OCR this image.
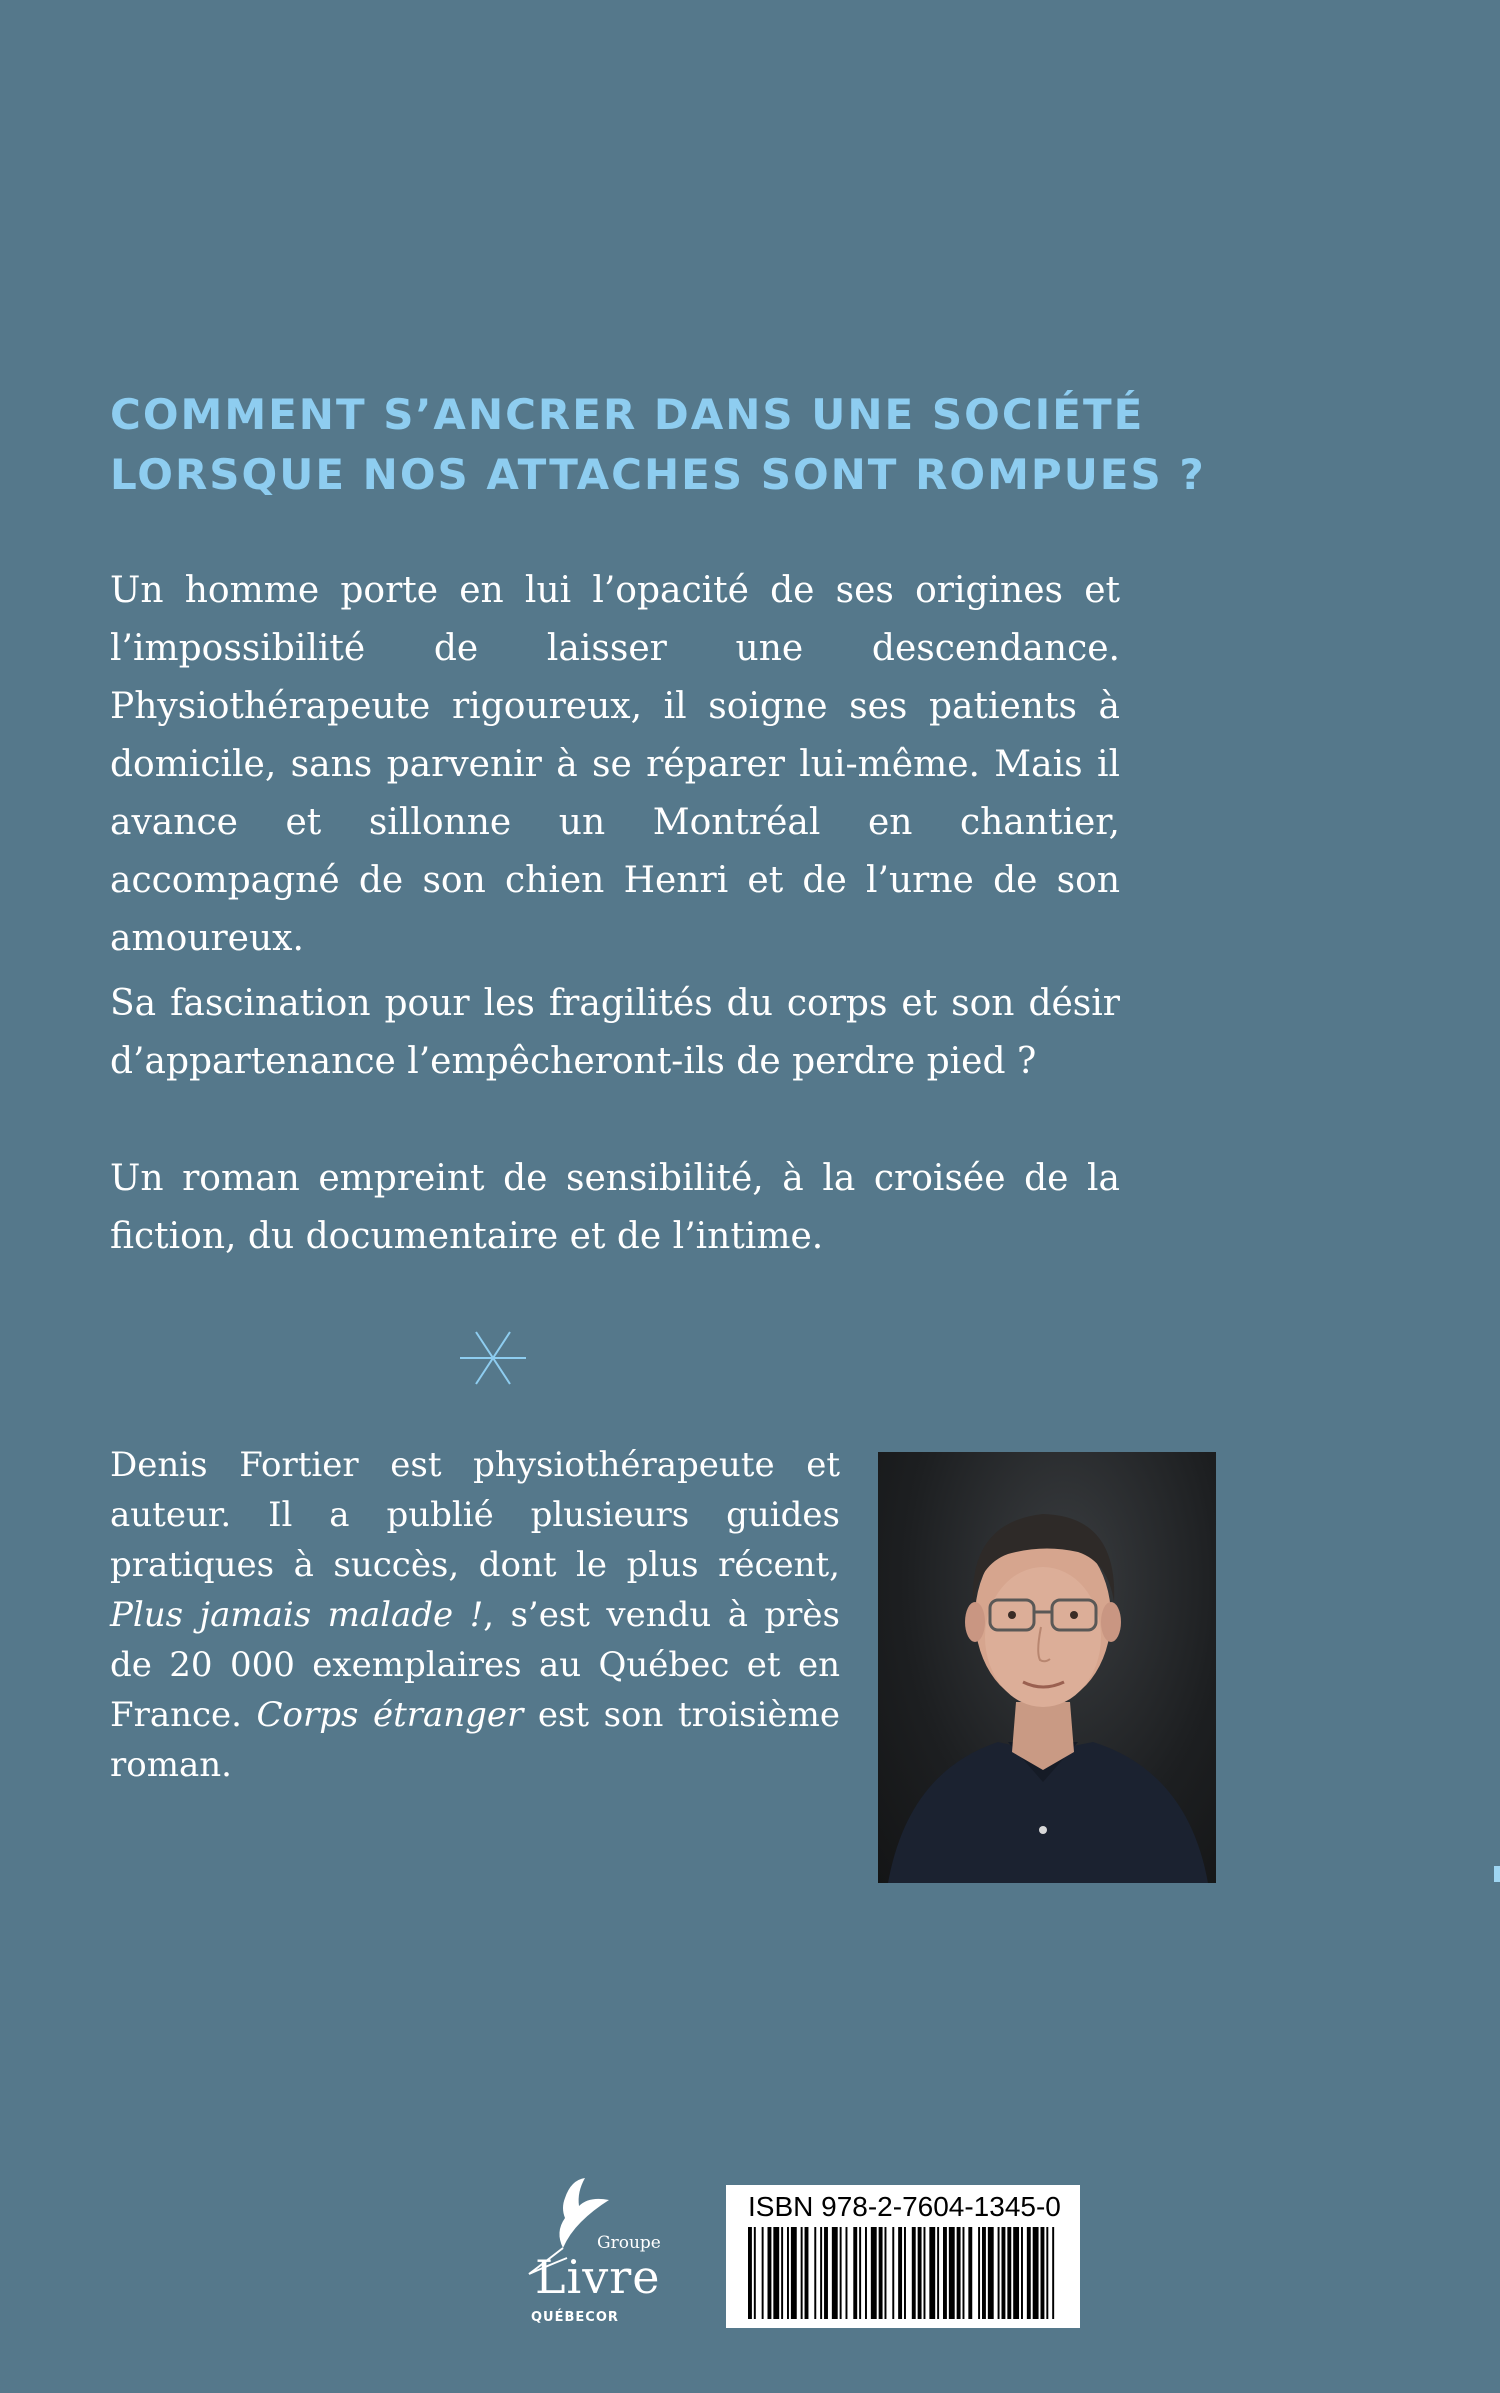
COMMENT S’ANCRER DANS UNE SOCIÉTÉ
LORSQUE NOS ATTACHES SONT ROMPUES ?

Un homme porte en lui l’opacité de ses origines et l’impossibilité de laisser une descendance. Physiothérapeute rigoureux, il soigne ses patients à domicile, sans parvenir à se réparer lui-même. Mais il avance et sillonne un Montréal en chantier, accompagné de son chien Henri et de l’urne de son amoureux.

Sa fascination pour les fragilités du corps et son désir d’appartenance l’empêcheront-ils de perdre pied ?

Un roman empreint de sensibilité, à la croisée de la fiction, du documentaire et de l’intime.

Denis Fortier est physiothérapeute et auteur. Il a publié plusieurs guides pratiques à succès, dont le plus récent, Plus jamais malade !, s’est vendu à près de 20 000 exemplaires au Québec et en France. Corps étranger est son troisième roman.

Groupe
Livre
QUÉBECOR
ISBN 978-2-7604-1345-0
